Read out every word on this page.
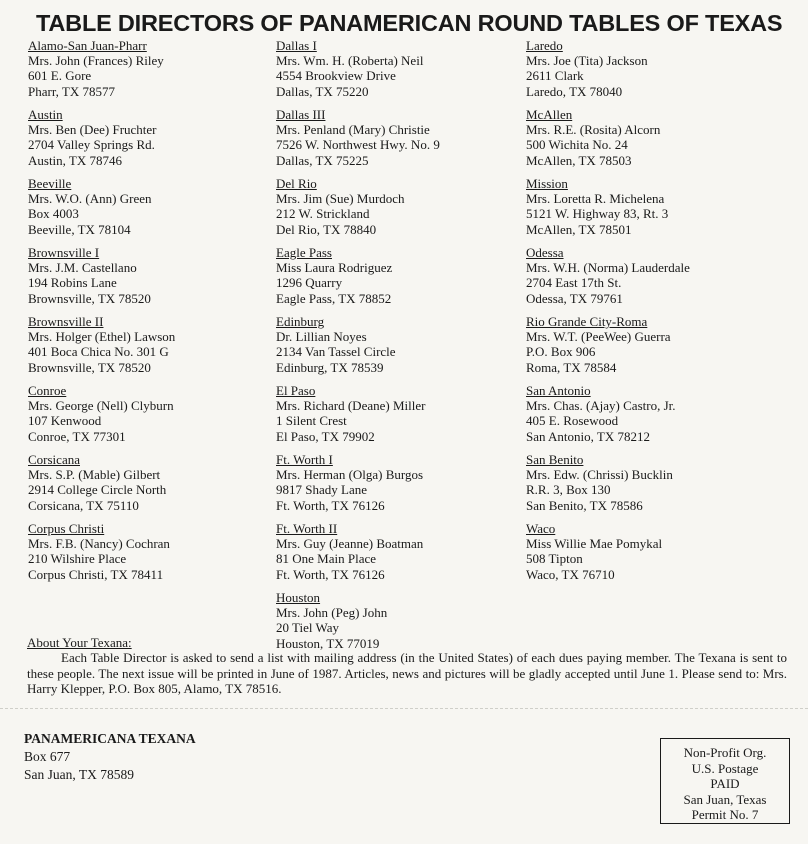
TABLE DIRECTORS OF PANAMERICAN ROUND TABLES OF TEXAS
Alamo-San Juan-Pharr
Mrs. John (Frances) Riley
601 E. Gore
Pharr, TX 78577
Austin
Mrs. Ben (Dee) Fruchter
2704 Valley Springs Rd.
Austin, TX 78746
Beeville
Mrs. W.O. (Ann) Green
Box 4003
Beeville, TX 78104
Brownsville I
Mrs. J.M. Castellano
194 Robins Lane
Brownsville, TX 78520
Brownsville II
Mrs. Holger (Ethel) Lawson
401 Boca Chica No. 301 G
Brownsville, TX 78520
Conroe
Mrs. George (Nell) Clyburn
107 Kenwood
Conroe, TX 77301
Corsicana
Mrs. S.P. (Mable) Gilbert
2914 College Circle North
Corsicana, TX 75110
Corpus Christi
Mrs. F.B. (Nancy) Cochran
210 Wilshire Place
Corpus Christi, TX 78411
Dallas I
Mrs. Wm. H. (Roberta) Neil
4554 Brookview Drive
Dallas, TX 75220
Dallas III
Mrs. Penland (Mary) Christie
7526 W. Northwest Hwy. No. 9
Dallas, TX 75225
Del Rio
Mrs. Jim (Sue) Murdoch
212 W. Strickland
Del Rio, TX 78840
Eagle Pass
Miss Laura Rodriguez
1296 Quarry
Eagle Pass, TX 78852
Edinburg
Dr. Lillian Noyes
2134 Van Tassel Circle
Edinburg, TX 78539
El Paso
Mrs. Richard (Deane) Miller
1 Silent Crest
El Paso, TX 79902
Ft. Worth I
Mrs. Herman (Olga) Burgos
9817 Shady Lane
Ft. Worth, TX 76126
Ft. Worth II
Mrs. Guy (Jeanne) Boatman
81 One Main Place
Ft. Worth, TX 76126
Houston
Mrs. John (Peg) John
20 Tiel Way
Houston, TX 77019
Laredo
Mrs. Joe (Tita) Jackson
2611 Clark
Laredo, TX 78040
McAllen
Mrs. R.E. (Rosita) Alcorn
500 Wichita No. 24
McAllen, TX 78503
Mission
Mrs. Loretta R. Michelena
5121 W. Highway 83, Rt. 3
McAllen, TX 78501
Odessa
Mrs. W.H. (Norma) Lauderdale
2704 East 17th St.
Odessa, TX 79761
Rio Grande City-Roma
Mrs. W.T. (PeeWee) Guerra
P.O. Box 906
Roma, TX 78584
San Antonio
Mrs. Chas. (Ajay) Castro, Jr.
405 E. Rosewood
San Antonio, TX 78212
San Benito
Mrs. Edw. (Chrissi) Bucklin
R.R. 3, Box 130
San Benito, TX 78586
Waco
Miss Willie Mae Pomykal
508 Tipton
Waco, TX 76710
About Your Texana:
Each Table Director is asked to send a list with mailing address (in the United States) of each dues paying member. The Texana is sent to these people. The next issue will be printed in June of 1987. Articles, news and pictures will be gladly accepted until June 1. Please send to: Mrs. Harry Klepper, P.O. Box 805, Alamo, TX 78516.
PANAMERICANA TEXANA
Box 677
San Juan, TX 78589
Non-Profit Org.
U.S. Postage
PAID
San Juan, Texas
Permit No. 7
